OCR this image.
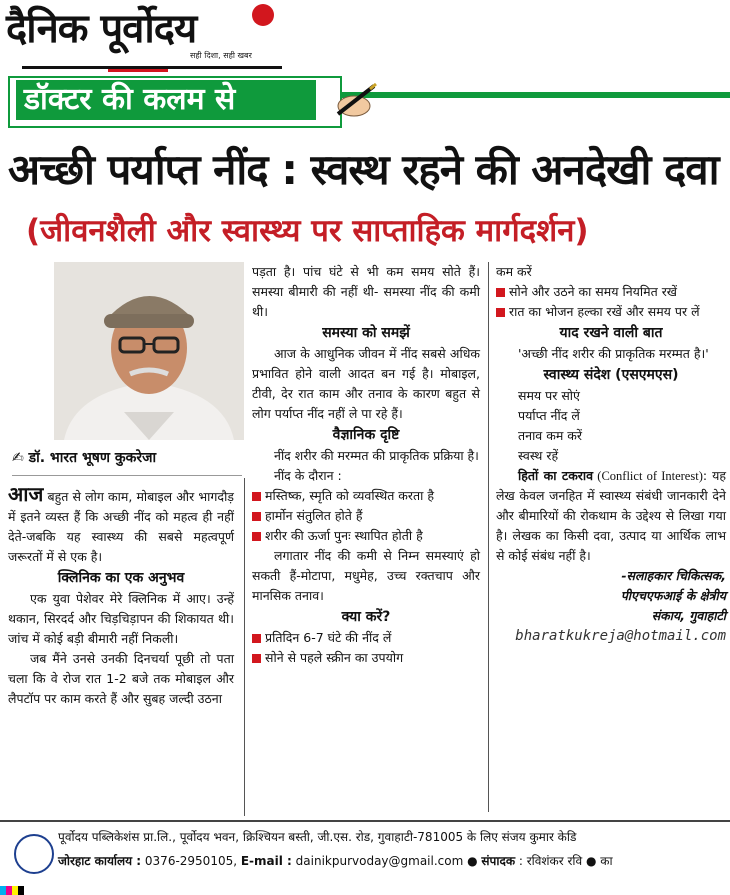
दैनिक पूर्वोदय
सही दिशा, सही खबर
डॉक्टर की कलम से
अच्छी पर्याप्त नींद : स्वस्थ रहने की अनदेखी दवा
(जीवनशैली और स्वास्थ्य पर साप्ताहिक मार्गदर्शन)
✍ डॉ. भारत भूषण कुकरेजा

आज बहुत से लोग काम, मोबाइल और भागदौड़ में इतने व्यस्त हैं कि अच्छी नींद को महत्व ही नहीं देते-जबकि यह स्वास्थ्य की सबसे महत्वपूर्ण जरूरतों में से एक है।

क्लिनिक का एक अनुभव

एक युवा पेशेवर मेरे क्लिनिक में आए। उन्हें थकान, सिरदर्द और चिड़चिड़ापन की शिकायत थी। जांच में कोई बड़ी बीमारी नहीं निकली।

जब मैंने उनसे उनकी दिनचर्या पूछी तो पता चला कि वे रोज रात 1-2 बजे तक मोबाइल और लैपटॉप पर काम करते हैं और सुबह जल्दी उठना

पड़ता है। पांच घंटे से भी कम समय सोते हैं। समस्या बीमारी की नहीं थी- समस्या नींद की कमी थी।

समस्या को समझें

आज के आधुनिक जीवन में नींद सबसे अधिक प्रभावित होने वाली आदत बन गई है। मोबाइल, टीवी, देर रात काम और तनाव के कारण बहुत से लोग पर्याप्त नींद नहीं ले पा रहे हैं।

वैज्ञानिक दृष्टि

नींद शरीर की मरम्मत की प्राकृतिक प्रक्रिया है।

नींद के दौरान :

मस्तिष्क, स्मृति को व्यवस्थित करता है

हार्मोन संतुलित होते हैं

शरीर की ऊर्जा पुनः स्थापित होती है

लगातार नींद की कमी से निम्न समस्याएं हो सकती हैं-मोटापा, मधुमेह, उच्च रक्तचाप और मानसिक तनाव।

क्या करें?

प्रतिदिन 6-7 घंटे की नींद लें

सोने से पहले स्क्रीन का उपयोग

कम करें

सोने और उठने का समय नियमित रखें

रात का भोजन हल्का रखें और समय पर लें

याद रखने वाली बात

'अच्छी नींद शरीर की प्राकृतिक मरम्मत है।'

स्वास्थ्य संदेश (एसएमएस)

समय पर सोएं

पर्याप्त नींद लें

तनाव कम करें

स्वस्थ रहें

हितों का टकराव (Conflict of Interest): यह लेख केवल जनहित में स्वास्थ्य संबंधी जानकारी देने और बीमारियों की रोकथाम के उद्देश्य से लिखा गया है। लेखक का किसी दवा, उत्पाद या आर्थिक लाभ से कोई संबंध नहीं है।

-सलाहकार चिकित्सक,

पीएचएफआई के क्षेत्रीय

संकाय, गुवाहाटी

bharatkukreja@hotmail.com

पूर्वोदय पब्लिकेशंस प्रा.लि., पूर्वोदय भवन, क्रिश्चियन बस्ती, जी.एस. रोड, गुवाहाटी-781005 के लिए संजय कुमार केडि
जोरहाट कार्यालय : 0376-2950105, E-mail : dainikpurvoday@gmail.com ● संपादक : रविशंकर रवि ● का
